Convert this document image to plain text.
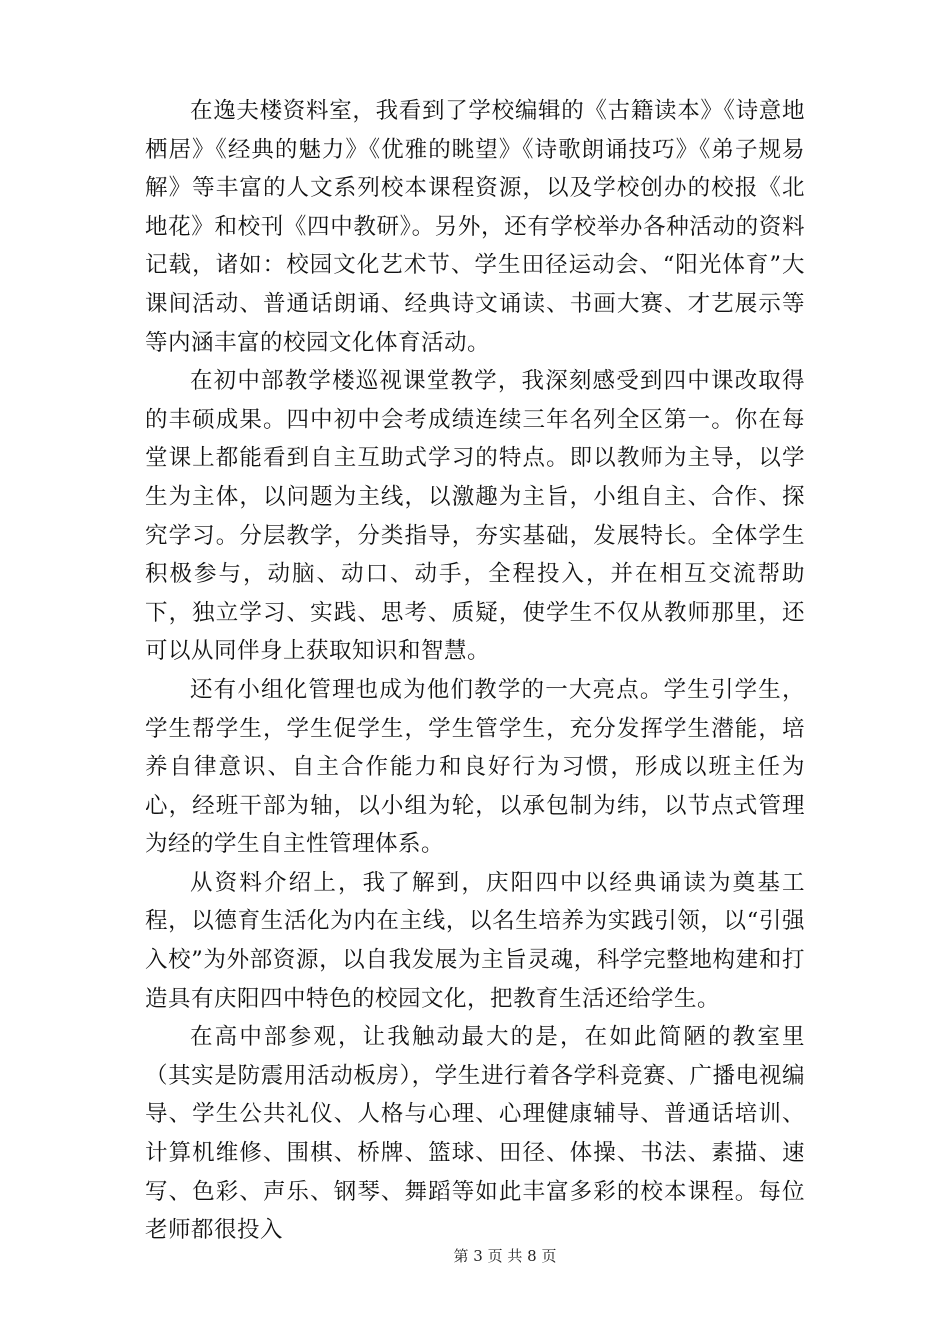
在逸夫楼资料室，我看到了学校编辑的《古籍读本》《诗意地栖居》《经典的魅力》《优雅的眺望》《诗歌朗诵技巧》《弟子规易解》等丰富的人文系列校本课程资源，以及学校创办的校报《北地花》和校刊《四中教研》。另外，还有学校举办各种活动的资料记载，诸如：校园文化艺术节、学生田径运动会、“阳光体育”大课间活动、普通话朗诵、经典诗文诵读、书画大赛、才艺展示等等内涵丰富的校园文化体育活动。

在初中部教学楼巡视课堂教学，我深刻感受到四中课改取得的丰硕成果。四中初中会考成绩连续三年名列全区第一。你在每堂课上都能看到自主互助式学习的特点。即以教师为主导，以学生为主体，以问题为主线，以激趣为主旨，小组自主、合作、探究学习。分层教学，分类指导，夯实基础，发展特长。全体学生积极参与，动脑、动口、动手，全程投入，并在相互交流帮助下，独立学习、实践、思考、质疑，使学生不仅从教师那里，还可以从同伴身上获取知识和智慧。

还有小组化管理也成为他们教学的一大亮点。学生引学生，学生帮学生，学生促学生，学生管学生，充分发挥学生潜能，培养自律意识、自主合作能力和良好行为习惯，形成以班主任为心，经班干部为轴，以小组为轮，以承包制为纬，以节点式管理为经的学生自主性管理体系。

从资料介绍上，我了解到，庆阳四中以经典诵读为奠基工程，以德育生活化为内在主线，以名生培养为实践引领，以“引强入校”为外部资源，以自我发展为主旨灵魂，科学完整地构建和打造具有庆阳四中特色的校园文化，把教育生活还给学生。

在高中部参观，让我触动最大的是，在如此简陋的教室里（其实是防震用活动板房），学生进行着各学科竞赛、广播电视编导、学生公共礼仪、人格与心理、心理健康辅导、普通话培训、计算机维修、围棋、桥牌、篮球、田径、体操、书法、素描、速写、色彩、声乐、钢琴、舞蹈等如此丰富多彩的校本课程。每位老师都很投入

第 3 页 共 8 页
